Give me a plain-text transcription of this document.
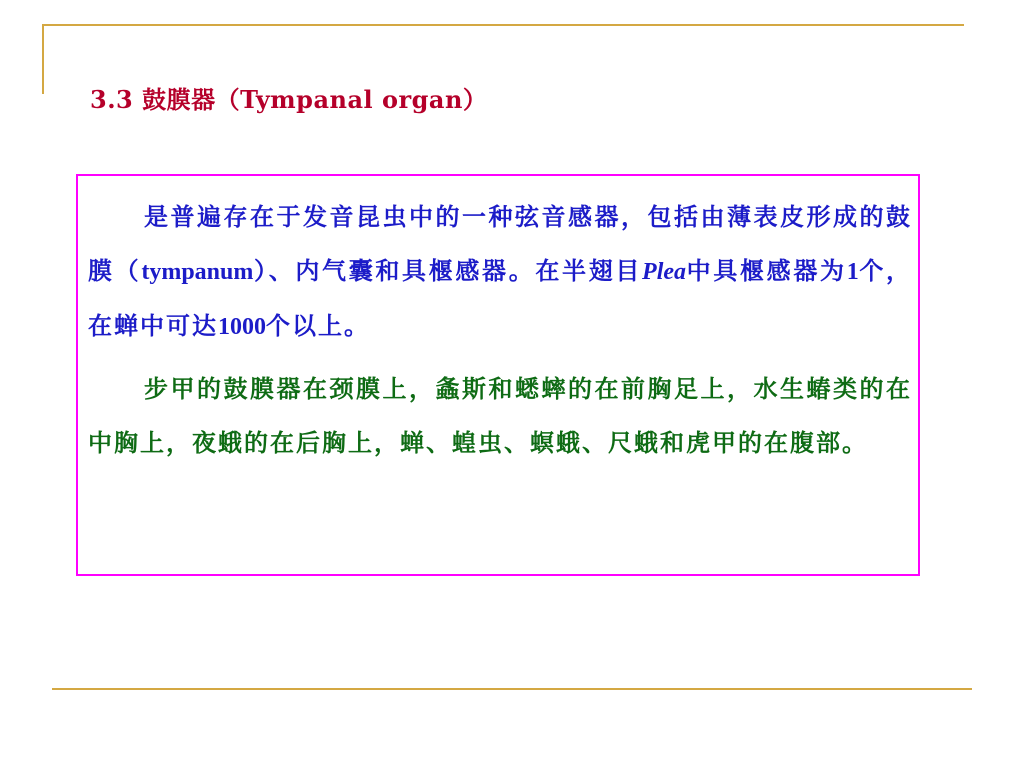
3.3 鼓膜器（Tympanal organ）

是普遍存在于发音昆虫中的一种弦音感器，包括由薄表皮形成的鼓膜（tympanum）、内气囊和具椻感器。在半翅目Plea中具椻感器为1个，在蝉中可达1000个以上。

步甲的鼓膜器在颈膜上，螽斯和蟋蟀的在前胸足上，水生蝽类的在中胸上，夜蛾的在后胸上，蝉、蝗虫、螟蛾、尺蛾和虎甲的在腹部。
